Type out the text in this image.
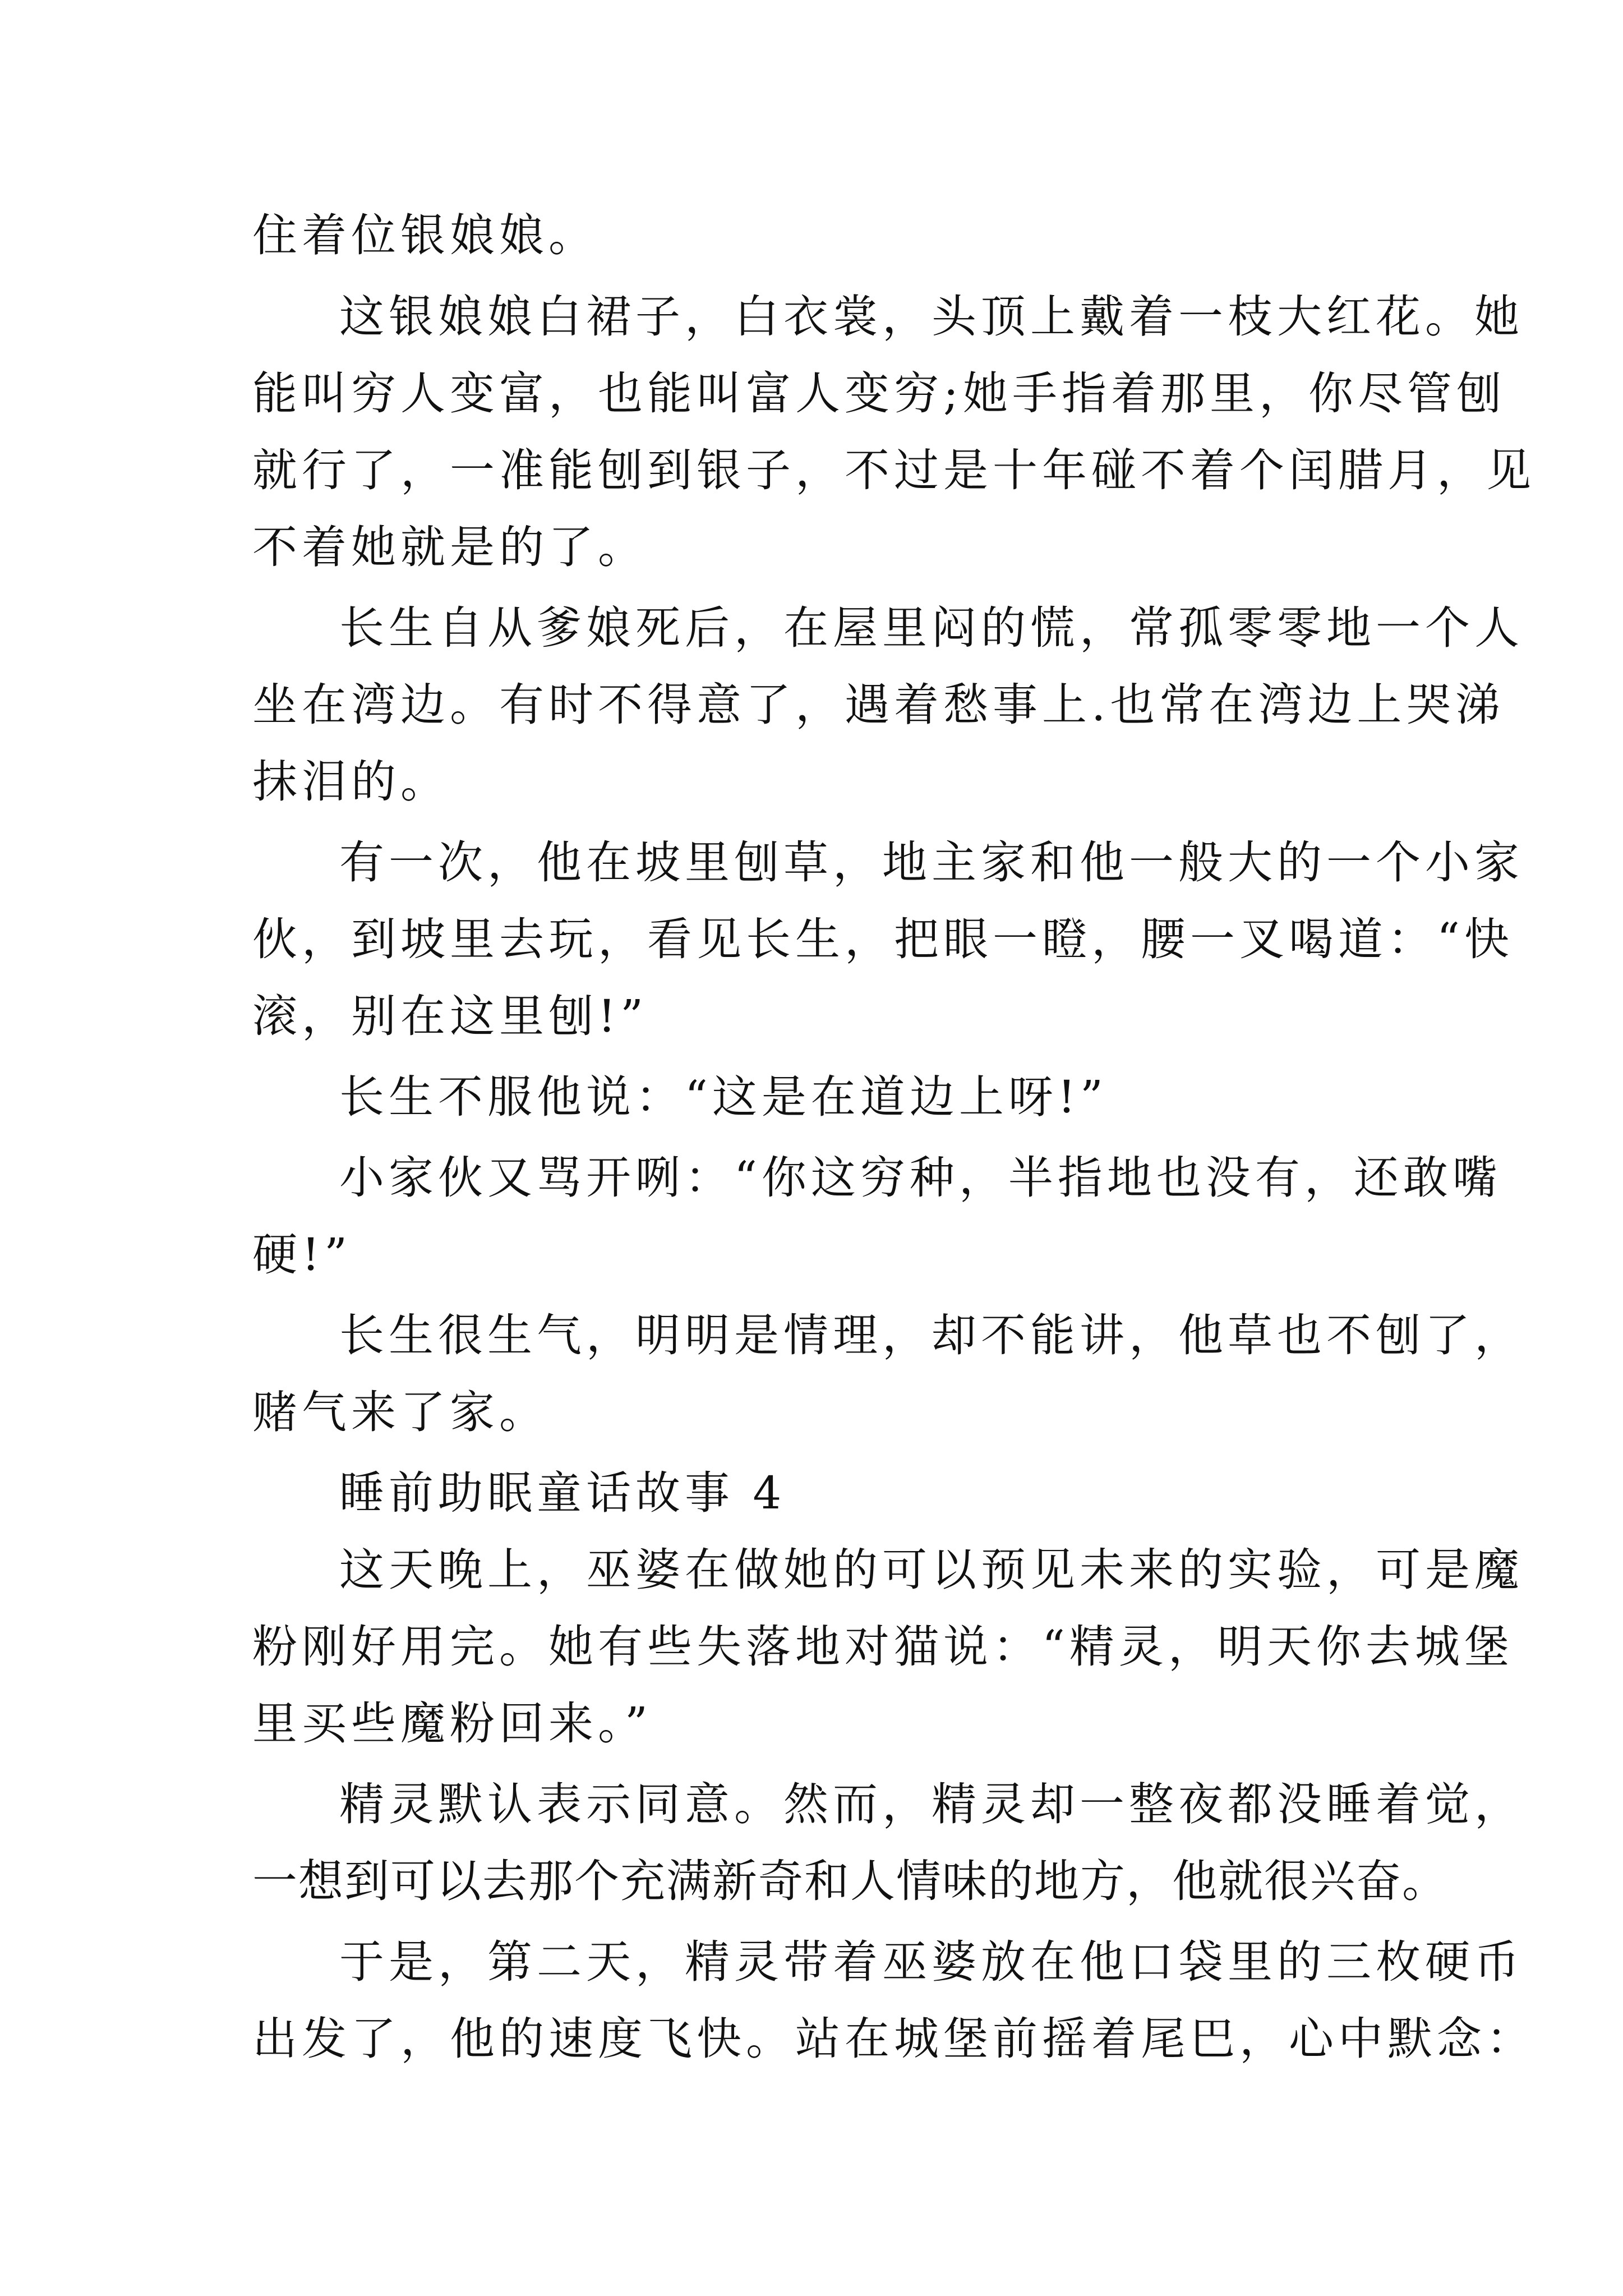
住着位银娘娘。
这银娘娘白裙子，白衣裳，头顶上戴着一枝大红花。她
能叫穷人变富，也能叫富人变穷;她手指着那里，你尽管刨
就行了，一准能刨到银子，不过是十年碰不着个闰腊月，见
不着她就是的了。
长生自从爹娘死后，在屋里闷的慌，常孤零零地一个人
坐在湾边。有时不得意了，遇着愁事上.也常在湾边上哭涕
抹泪的。
有一次，他在坡里刨草，地主家和他一般大的一个小家
伙，到坡里去玩，看见长生，把眼一瞪，腰一叉喝道：“快
滚，别在这里刨!”
长生不服他说：“这是在道边上呀!”
小家伙又骂开咧：“你这穷种，半指地也没有，还敢嘴
硬!”
长生很生气，明明是情理，却不能讲，他草也不刨了，
赌气来了家。
睡前助眠童话故事 4
这天晚上，巫婆在做她的可以预见未来的实验，可是魔
粉刚好用完。她有些失落地对猫说：“精灵，明天你去城堡
里买些魔粉回来。”
精灵默认表示同意。然而，精灵却一整夜都没睡着觉，
一想到可以去那个充满新奇和人情味的地方，他就很兴奋。
于是，第二天，精灵带着巫婆放在他口袋里的三枚硬币
出发了，他的速度飞快。站在城堡前摇着尾巴，心中默念：
